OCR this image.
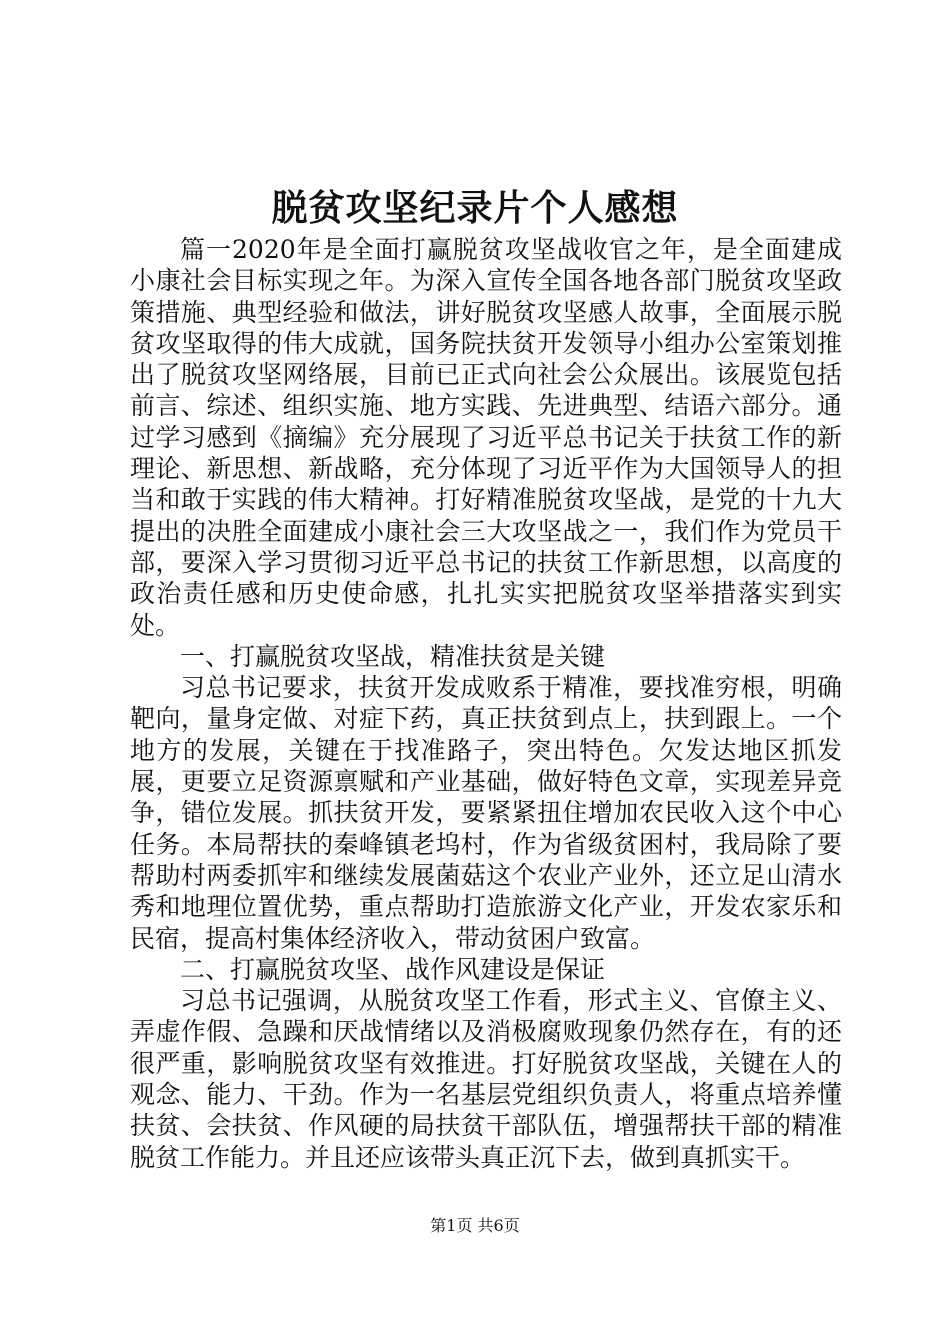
脱贫攻坚纪录片个人感想

篇一2020年是全面打赢脱贫攻坚战收官之年，是全面建成小康社会目标实现之年。为深入宣传全国各地各部门脱贫攻坚政策措施、典型经验和做法，讲好脱贫攻坚感人故事，全面展示脱贫攻坚取得的伟大成就，国务院扶贫开发领导小组办公室策划推出了脱贫攻坚网络展，目前已正式向社会公众展出。该展览包括前言、综述、组织实施、地方实践、先进典型、结语六部分。通过学习感到《摘编》充分展现了习近平总书记关于扶贫工作的新理论、新思想、新战略，充分体现了习近平作为大国领导人的担当和敢于实践的伟大精神。打好精准脱贫攻坚战，是党的十九大提出的决胜全面建成小康社会三大攻坚战之一，我们作为党员干部，要深入学习贯彻习近平总书记的扶贫工作新思想，以高度的政治责任感和历史使命感，扎扎实实把脱贫攻坚举措落实到实处。

一、打赢脱贫攻坚战，精准扶贫是关键

习总书记要求，扶贫开发成败系于精准，要找准穷根，明确靶向，量身定做、对症下药，真正扶贫到点上，扶到跟上。一个地方的发展，关键在于找准路子，突出特色。欠发达地区抓发展，更要立足资源禀赋和产业基础，做好特色文章，实现差异竞争，错位发展。抓扶贫开发，要紧紧扭住增加农民收入这个中心任务。本局帮扶的秦峰镇老坞村，作为省级贫困村，我局除了要帮助村两委抓牢和继续发展菌菇这个农业产业外，还立足山清水秀和地理位置优势，重点帮助打造旅游文化产业，开发农家乐和民宿，提高村集体经济收入，带动贫困户致富。

二、打赢脱贫攻坚、战作风建设是保证

习总书记强调，从脱贫攻坚工作看，形式主义、官僚主义、弄虚作假、急躁和厌战情绪以及消极腐败现象仍然存在，有的还很严重，影响脱贫攻坚有效推进。打好脱贫攻坚战，关键在人的观念、能力、干劲。作为一名基层党组织负责人，将重点培养懂扶贫、会扶贫、作风硬的局扶贫干部队伍，增强帮扶干部的精准脱贫工作能力。并且还应该带头真正沉下去，做到真抓实干。

第1页 共6页
